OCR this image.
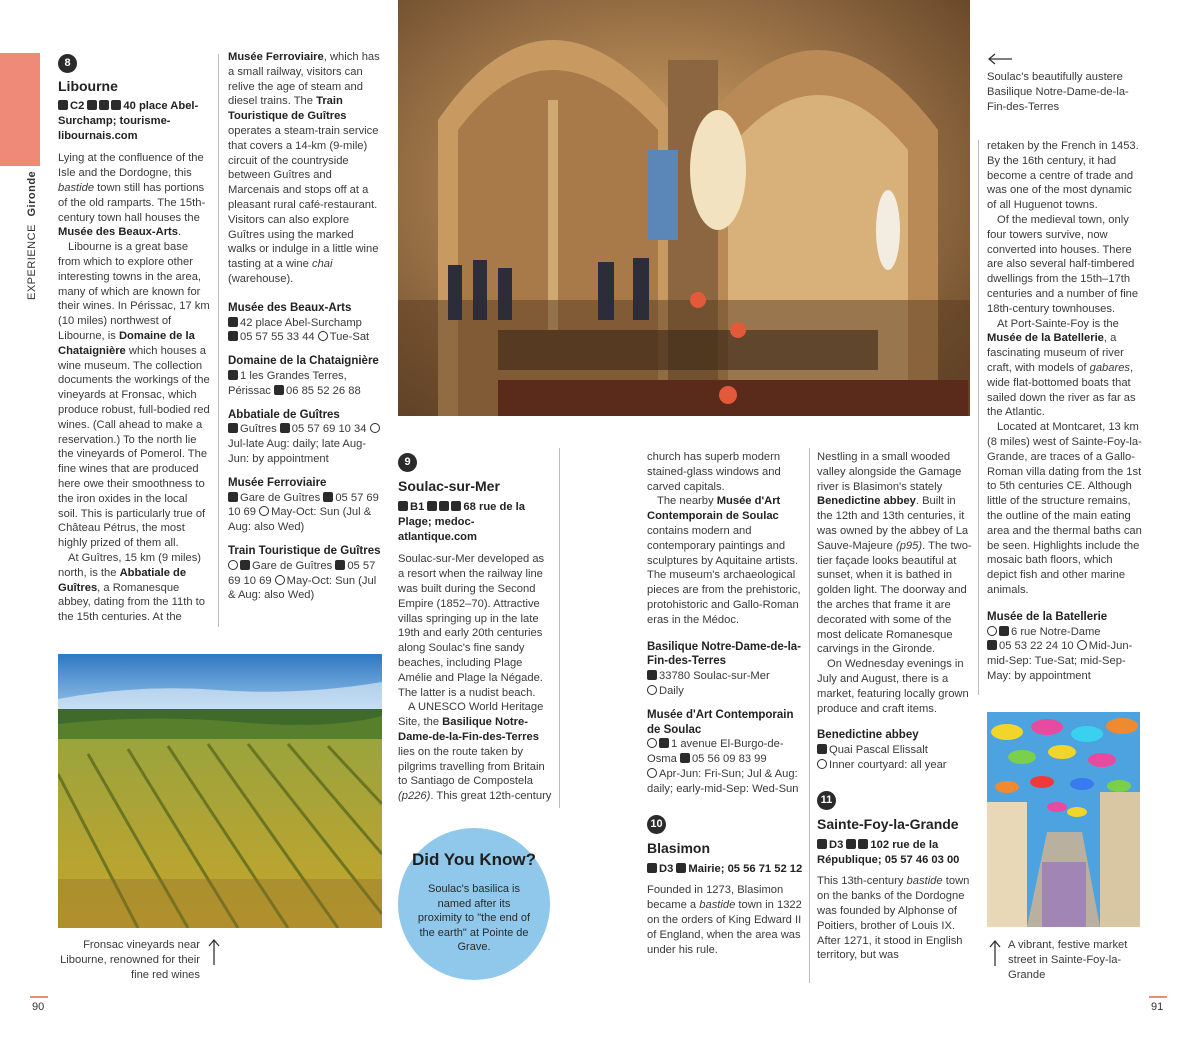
EXPERIENCE Gironde
8

Libourne

C2	40 place Abel-Surchamp; tourisme-libournais.com

Lying at the confluence of the Isle and the Dordogne, this bastide town still has portions of the old ramparts. The 15th-century town hall houses the Musée des Beaux-Arts.

Libourne is a great base from which to explore other interesting towns in the area, many of which are known for their wines. In Périssac, 17 km (10 miles) northwest of Libourne, is Domaine de la Chataignière which houses a wine museum. The collection documents the workings of the vineyards at Fronsac, which produce robust, full-bodied red wines. (Call ahead to make a reservation.) To the north lie the vineyards of Pomerol. The fine wines that are produced here owe their smoothness to the iron oxides in the local soil. This is particularly true of Château Pétrus, the most highly prized of them all.

At Guîtres, 15 km (9 miles) north, is the Abbatiale de Guîtres, a Romanesque abbey, dating from the 11th to the 15th centuries. At the

Musée Ferroviaire, which has a small railway, visitors can relive the age of steam and diesel trains. The Train Touristique de Guîtres operates a steam-train service that covers a 14-km (9-mile) circuit of the countryside between Guîtres and Marcenais and stops off at a pleasant rural café-restaurant. Visitors can also explore Guîtres using the marked walks or indulge in a little wine tasting at a wine chai (warehouse).

Musée des Beaux-Arts

42 place Abel-Surchamp

05 57 55 33 44 Tue-Sat

Domaine de la Chataignière

1 les Grandes Terres, Périssac 06 85 52 26 88

Abbatiale de Guîtres

Guîtres 05 57 69 10 34 Jul-late Aug: daily; late Aug-Jun: by appointment

Musée Ferroviaire

Gare de Guîtres 05 57 69 10 69 May-Oct: Sun (Jul & Aug: also Wed)

Train Touristique de Guîtres

Gare de Guîtres 05 57 69 10 69 May-Oct: Sun (Jul & Aug: also Wed)

Fronsac vineyards near Libourne, renowned for their fine red wines
9

Soulac-sur-Mer

B1	68 rue de la Plage; medoc-atlantique.com

Soulac-sur-Mer developed as a resort when the railway line was built during the Second Empire (1852–70). Attractive villas springing up in the late 19th and early 20th centuries along Soulac's fine sandy beaches, including Plage Amélie and Plage la Négade. The latter is a nudist beach.

A UNESCO World Heritage Site, the Basilique Notre-Dame-de-la-Fin-des-Terres lies on the route taken by pilgrims travelling from Britain to Santiago de Compostela (p226). This great 12th-century

Did You Know?
Soulac's basilica is named after its proximity to "the end of the earth" at Pointe de Grave.

church has superb modern stained-glass windows and carved capitals.

The nearby Musée d'Art Contemporain de Soulac contains modern and contemporary paintings and sculptures by Aquitaine artists. The museum's archaeological pieces are from the prehistoric, protohistoric and Gallo-Roman eras in the Médoc.

Basilique Notre-Dame-de-la-Fin-des-Terres

33780 Soulac-sur-Mer

Daily

Musée d'Art Contemporain de Soulac

1 avenue El-Burgo-de-Osma 05 56 09 83 99

Apr-Jun: Fri-Sun; Jul & Aug: daily; early-mid-Sep: Wed-Sun

10

Blasimon

D3 Mairie; 05 56 71 52 12

Founded in 1273, Blasimon became a bastide town in 1322 on the orders of King Edward II of England, when the area was under his rule.

Nestling in a small wooded valley alongside the Gamage river is Blasimon's stately Benedictine abbey. Built in the 12th and 13th centuries, it was owned by the abbey of La Sauve-Majeure (p95). The two-tier façade looks beautiful at sunset, when it is bathed in golden light. The doorway and the arches that frame it are decorated with some of the most delicate Romanesque carvings in the Gironde.

On Wednesday evenings in July and August, there is a market, featuring locally grown produce and craft items.

Benedictine abbey

Quai Pascal Elissalt

Inner courtyard: all year

11

Sainte-Foy-la-Grande

D3 102 rue de la République; 05 57 46 03 00

This 13th-century bastide town on the banks of the Dordogne was founded by Alphonse of Poitiers, brother of Louis IX. After 1271, it stood in English territory, but was

Soulac's beautifully austere Basilique Notre-Dame-de-la-Fin-des-Terres

retaken by the French in 1453. By the 16th century, it had become a centre of trade and was one of the most dynamic of all Huguenot towns.

Of the medieval town, only four towers survive, now converted into houses. There are also several half-timbered dwellings from the 15th–17th centuries and a number of fine 18th-century townhouses.

At Port-Sainte-Foy is the Musée de la Batellerie, a fascinating museum of river craft, with models of gabares, wide flat-bottomed boats that sailed down the river as far as the Atlantic.

Located at Montcaret, 13 km (8 miles) west of Sainte-Foy-la-Grande, are traces of a Gallo-Roman villa dating from the 1st to 5th centuries CE. Although little of the structure remains, the outline of the main eating area and the thermal baths can be seen. Highlights include the mosaic bath floors, which depict fish and other marine animals.

Musée de la Batellerie

6 rue Notre-Dame

05 53 22 24 10 Mid-Jun-mid-Sep: Tue-Sat; mid-Sep-May: by appointment

A vibrant, festive market street in Sainte-Foy-la-Grande
90	91
